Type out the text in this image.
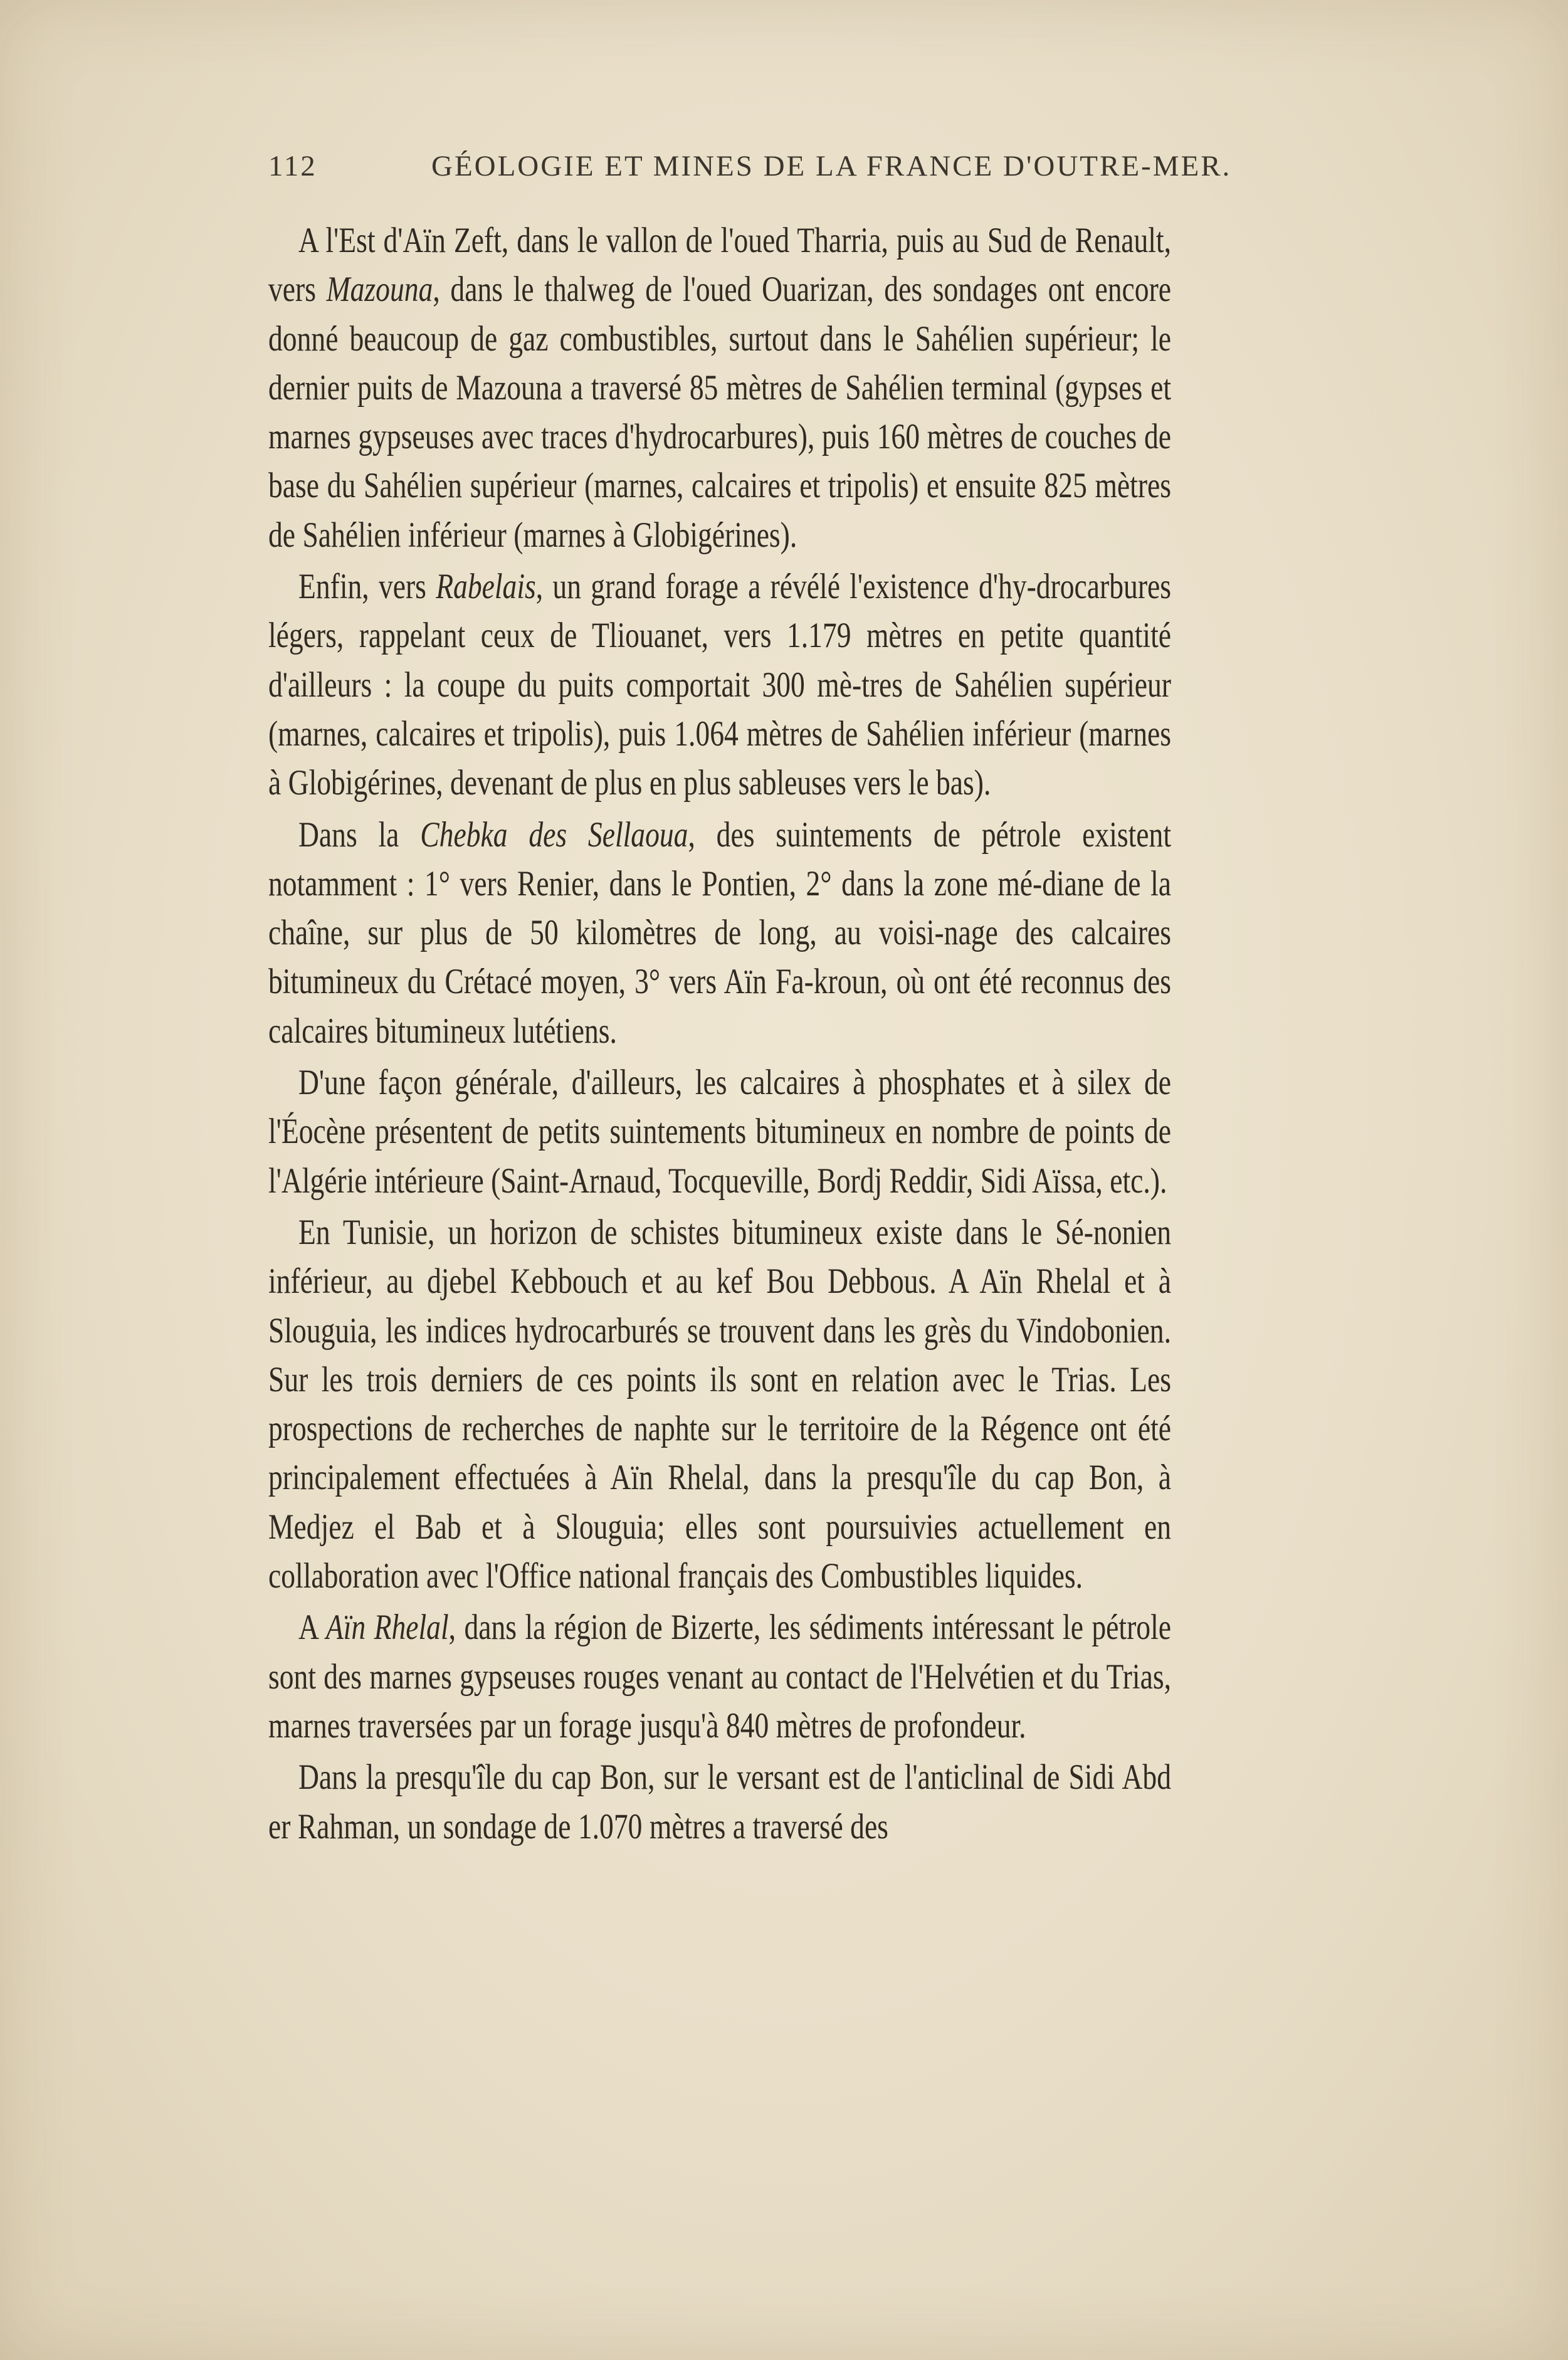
112	GÉOLOGIE ET MINES DE LA FRANCE D'OUTRE-MER.

A l'Est d'Aïn Zeft, dans le vallon de l'oued Tharria, puis au Sud de Renault, vers Mazouna, dans le thalweg de l'oued Ouarizan, des sondages ont encore donné beaucoup de gaz combustibles, surtout dans le Sahélien supérieur; le dernier puits de Mazouna a traversé 85 mètres de Sahélien terminal (gypses et marnes gypseuses avec traces d'hydrocarbures), puis 160 mètres de couches de base du Sahélien supérieur (marnes, calcaires et tripolis) et ensuite 825 mètres de Sahélien inférieur (marnes à Globigérines).

Enfin, vers Rabelais, un grand forage a révélé l'existence d'hy-drocarbures légers, rappelant ceux de Tliouanet, vers 1.179 mètres en petite quantité d'ailleurs : la coupe du puits comportait 300 mè-tres de Sahélien supérieur (marnes, calcaires et tripolis), puis 1.064 mètres de Sahélien inférieur (marnes à Globigérines, devenant de plus en plus sableuses vers le bas).

Dans la Chebka des Sellaoua, des suintements de pétrole existent notamment : 1° vers Renier, dans le Pontien, 2° dans la zone mé-diane de la chaîne, sur plus de 50 kilomètres de long, au voisi-nage des calcaires bitumineux du Crétacé moyen, 3° vers Aïn Fa-kroun, où ont été reconnus des calcaires bitumineux lutétiens.

D'une façon générale, d'ailleurs, les calcaires à phosphates et à silex de l'Éocène présentent de petits suintements bitumineux en nombre de points de l'Algérie intérieure (Saint-Arnaud, Tocqueville, Bordj Reddir, Sidi Aïssa, etc.).

En Tunisie, un horizon de schistes bitumineux existe dans le Sé-nonien inférieur, au djebel Kebbouch et au kef Bou Debbous. A Aïn Rhelal et à Slouguia, les indices hydrocarburés se trouvent dans les grès du Vindobonien. Sur les trois derniers de ces points ils sont en relation avec le Trias. Les prospections de recherches de naphte sur le territoire de la Régence ont été principalement effectuées à Aïn Rhelal, dans la presqu'île du cap Bon, à Medjez el Bab et à Slouguia; elles sont poursuivies actuellement en collaboration avec l'Office national français des Combustibles liquides.

A Aïn Rhelal, dans la région de Bizerte, les sédiments intéressant le pétrole sont des marnes gypseuses rouges venant au contact de l'Helvétien et du Trias, marnes traversées par un forage jusqu'à 840 mètres de profondeur.

Dans la presqu'île du cap Bon, sur le versant est de l'anticlinal de Sidi Abd er Rahman, un sondage de 1.070 mètres a traversé des
